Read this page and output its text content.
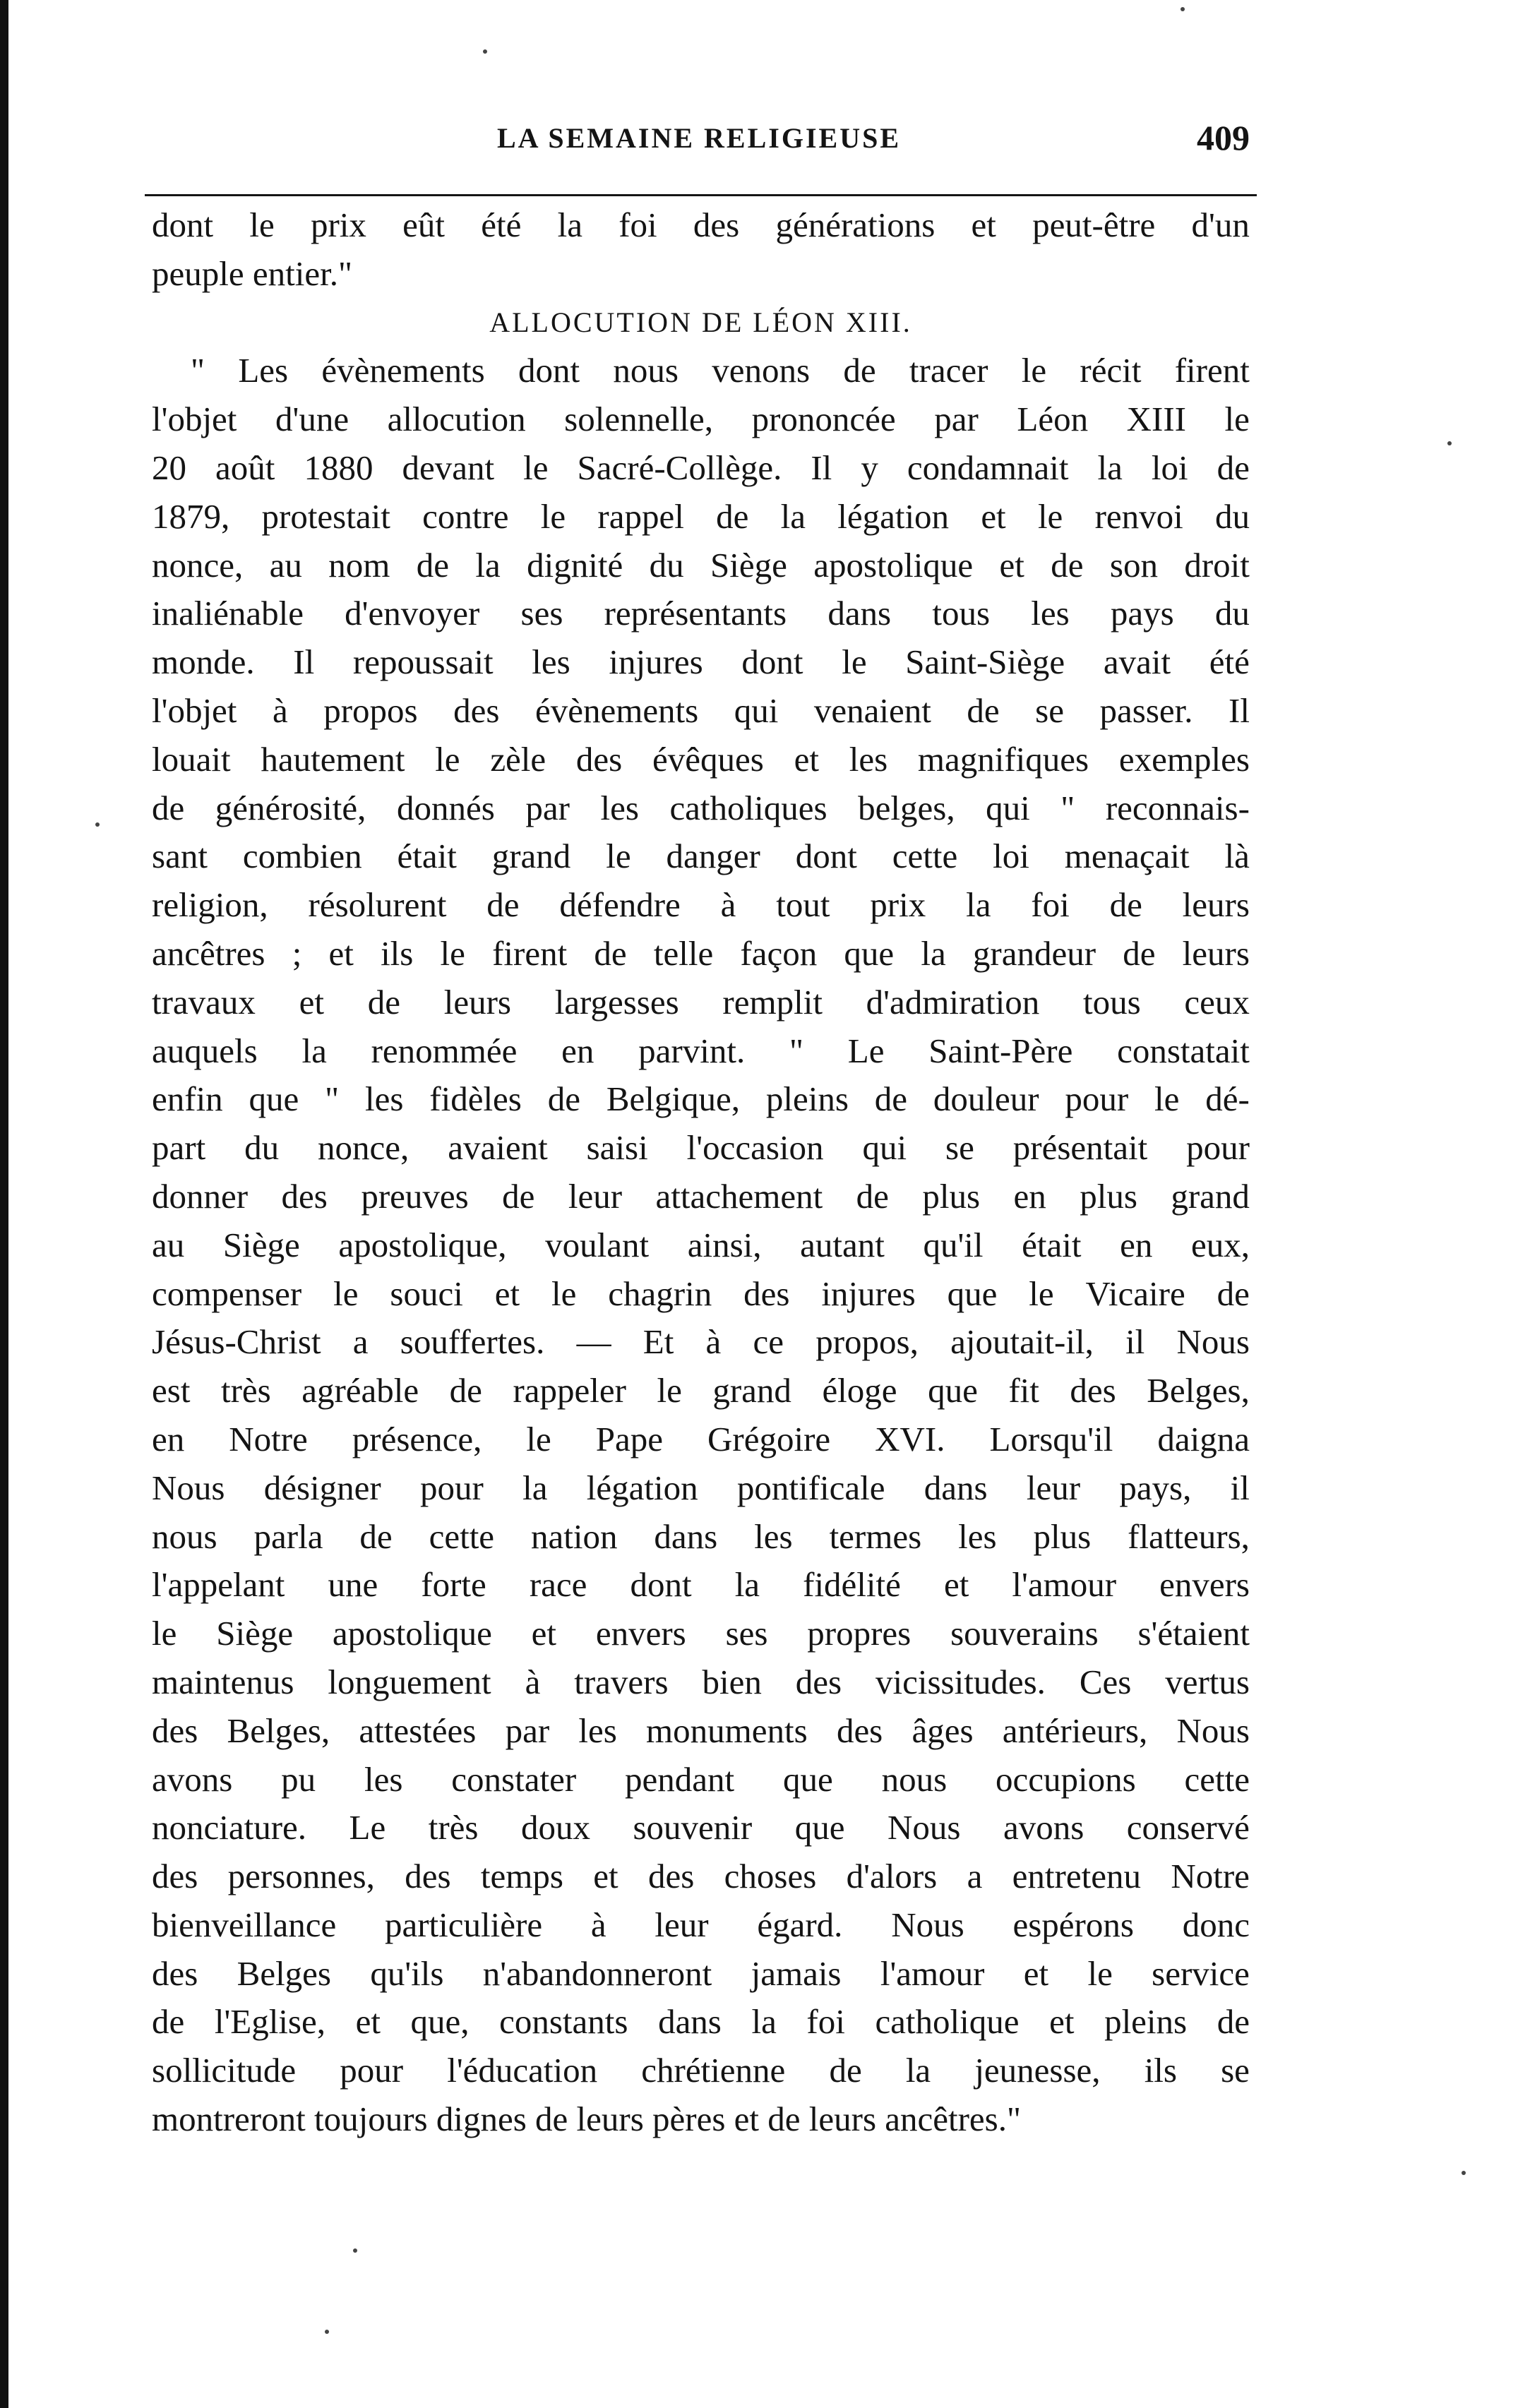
LA SEMAINE RELIGIEUSE	409
dont le prix eût été la foi des générations et peut-être d'un
peuple entier."
ALLOCUTION DE LÉON XIII.
" Les évènements dont nous venons de tracer le récit firent
l'objet d'une allocution solennelle, prononcée par Léon XIII le
20 août 1880 devant le Sacré-Collège. Il y condamnait la loi de
1879, protestait contre le rappel de la légation et le renvoi du
nonce, au nom de la dignité du Siège apostolique et de son droit
inaliénable d'envoyer ses représentants dans tous les pays du
monde. Il repoussait les injures dont le Saint-Siège avait été
l'objet à propos des évènements qui venaient de se passer. Il
louait hautement le zèle des évêques et les magnifiques exemples
de générosité, donnés par les catholiques belges, qui " reconnais-
sant combien était grand le danger dont cette loi menaçait là
religion, résolurent de défendre à tout prix la foi de leurs
ancêtres ; et ils le firent de telle façon que la grandeur de leurs
travaux et de leurs largesses remplit d'admiration tous ceux
auquels la renommée en parvint. " Le Saint-Père constatait
enfin que " les fidèles de Belgique, pleins de douleur pour le dé-
part du nonce, avaient saisi l'occasion qui se présentait pour
donner des preuves de leur attachement de plus en plus grand
au Siège apostolique, voulant ainsi, autant qu'il était en eux,
compenser le souci et le chagrin des injures que le Vicaire de
Jésus-Christ a souffertes. — Et à ce propos, ajoutait-il, il Nous
est très agréable de rappeler le grand éloge que fit des Belges,
en Notre présence, le Pape Grégoire XVI. Lorsqu'il daigna
Nous désigner pour la légation pontificale dans leur pays, il
nous parla de cette nation dans les termes les plus flatteurs,
l'appelant une forte race dont la fidélité et l'amour envers
le Siège apostolique et envers ses propres souverains s'étaient
maintenus longuement à travers bien des vicissitudes. Ces vertus
des Belges, attestées par les monuments des âges antérieurs, Nous
avons pu les constater pendant que nous occupions cette
nonciature. Le très doux souvenir que Nous avons conservé
des personnes, des temps et des choses d'alors a entretenu Notre
bienveillance particulière à leur égard. Nous espérons donc
des Belges qu'ils n'abandonneront jamais l'amour et le service
de l'Eglise, et que, constants dans la foi catholique et pleins de
sollicitude pour l'éducation chrétienne de la jeunesse, ils se
montreront toujours dignes de leurs pères et de leurs ancêtres."
